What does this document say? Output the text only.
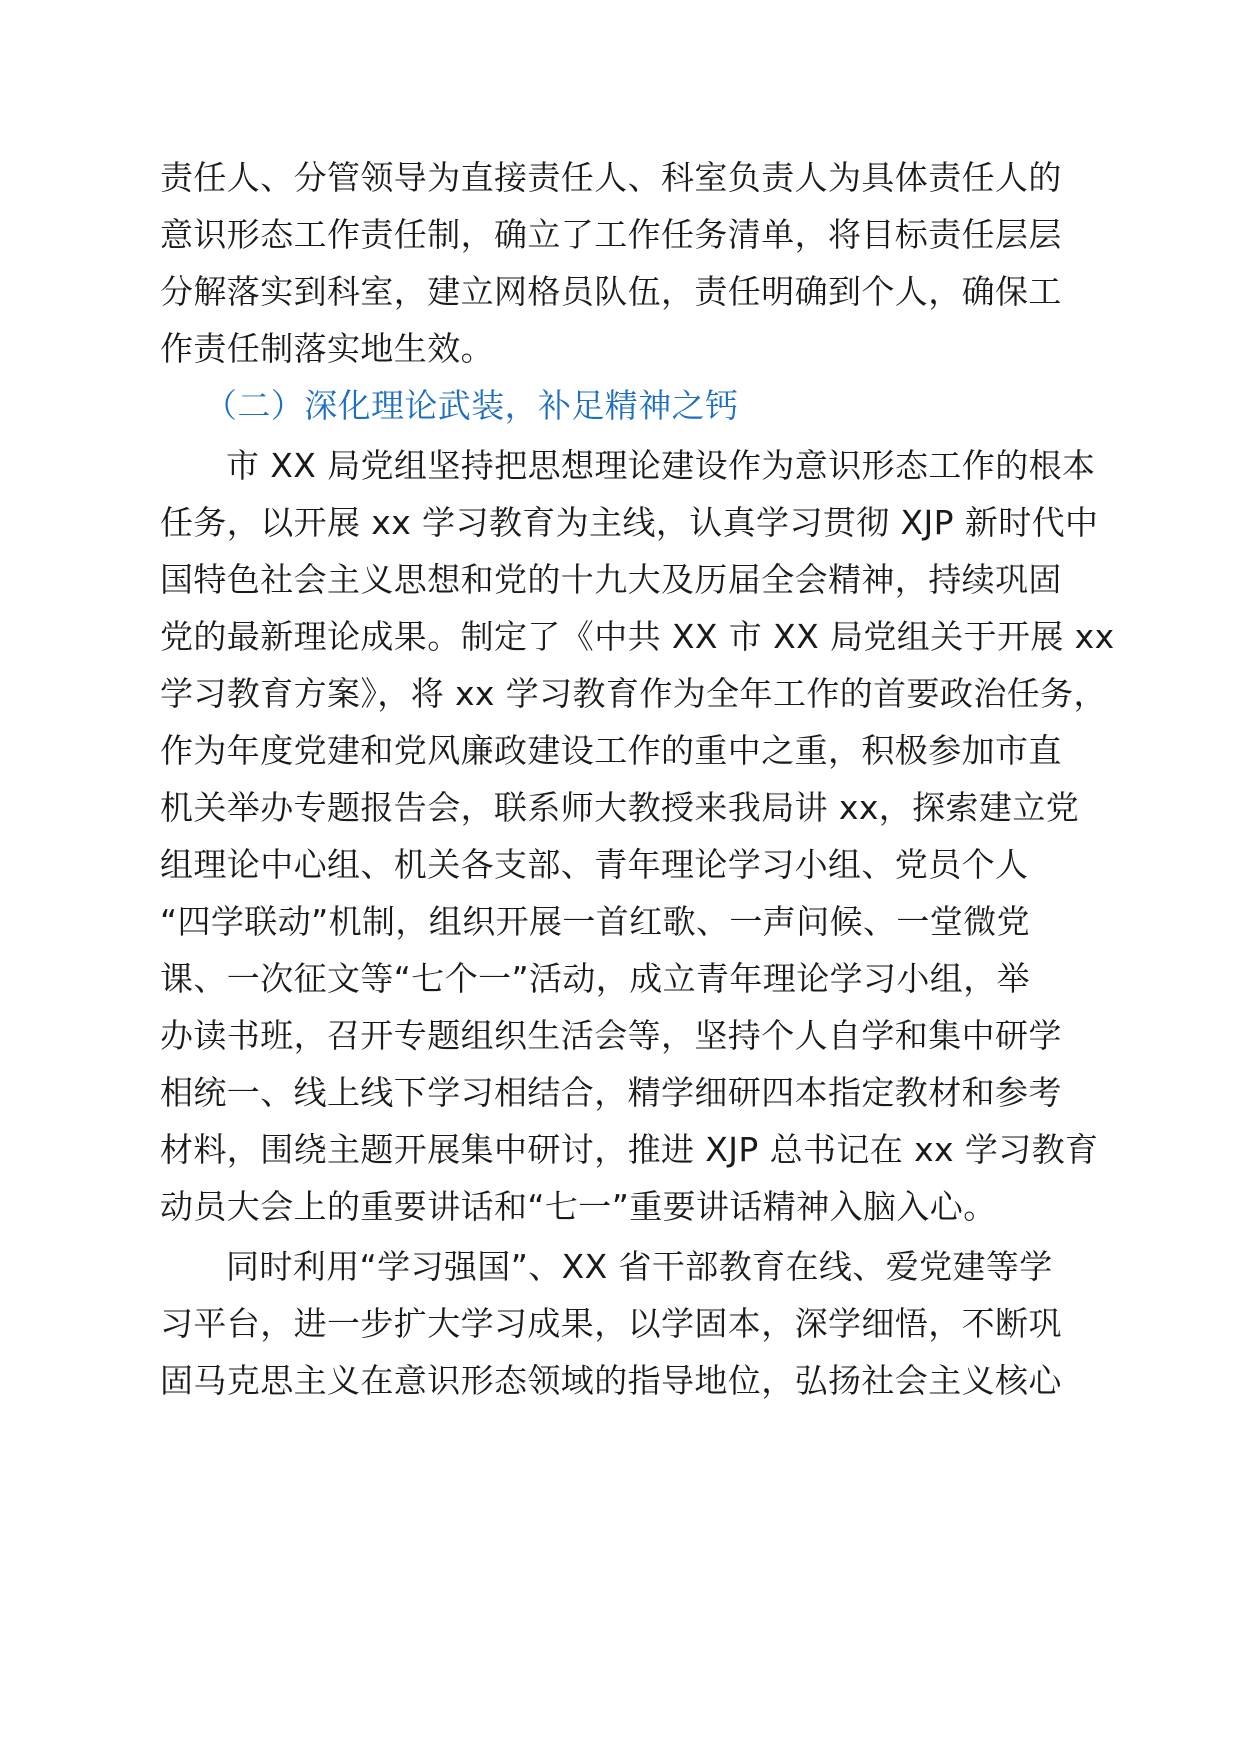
责任人、分管领导为直接责任人、科室负责人为具体责任人的

意识形态工作责任制，确立了工作任务清单，将目标责任层层

分解落实到科室，建立网格员队伍，责任明确到个人，确保工

作责任制落实地生效。

（二）深化理论武装，补足精神之钙

市 XX 局党组坚持把思想理论建设作为意识形态工作的根本

任务，以开展 xx 学习教育为主线，认真学习贯彻 XJP 新时代中

国特色社会主义思想和党的十九大及历届全会精神，持续巩固

党的最新理论成果。制定了《中共 XX 市 XX 局党组关于开展 xx

学习教育方案》，将 xx 学习教育作为全年工作的首要政治任务，

作为年度党建和党风廉政建设工作的重中之重，积极参加市直

机关举办专题报告会，联系师大教授来我局讲 xx，探索建立党

组理论中心组、机关各支部、青年理论学习小组、党员个人

“四学联动”机制，组织开展一首红歌、一声问候、一堂微党

课、一次征文等“七个一”活动，成立青年理论学习小组，举

办读书班，召开专题组织生活会等，坚持个人自学和集中研学

相统一、线上线下学习相结合，精学细研四本指定教材和参考

材料，围绕主题开展集中研讨，推进 XJP 总书记在 xx 学习教育

动员大会上的重要讲话和“七一”重要讲话精神入脑入心。

同时利用“学习强国”、XX 省干部教育在线、爱党建等学

习平台，进一步扩大学习成果，以学固本，深学细悟，不断巩

固马克思主义在意识形态领域的指导地位，弘扬社会主义核心
